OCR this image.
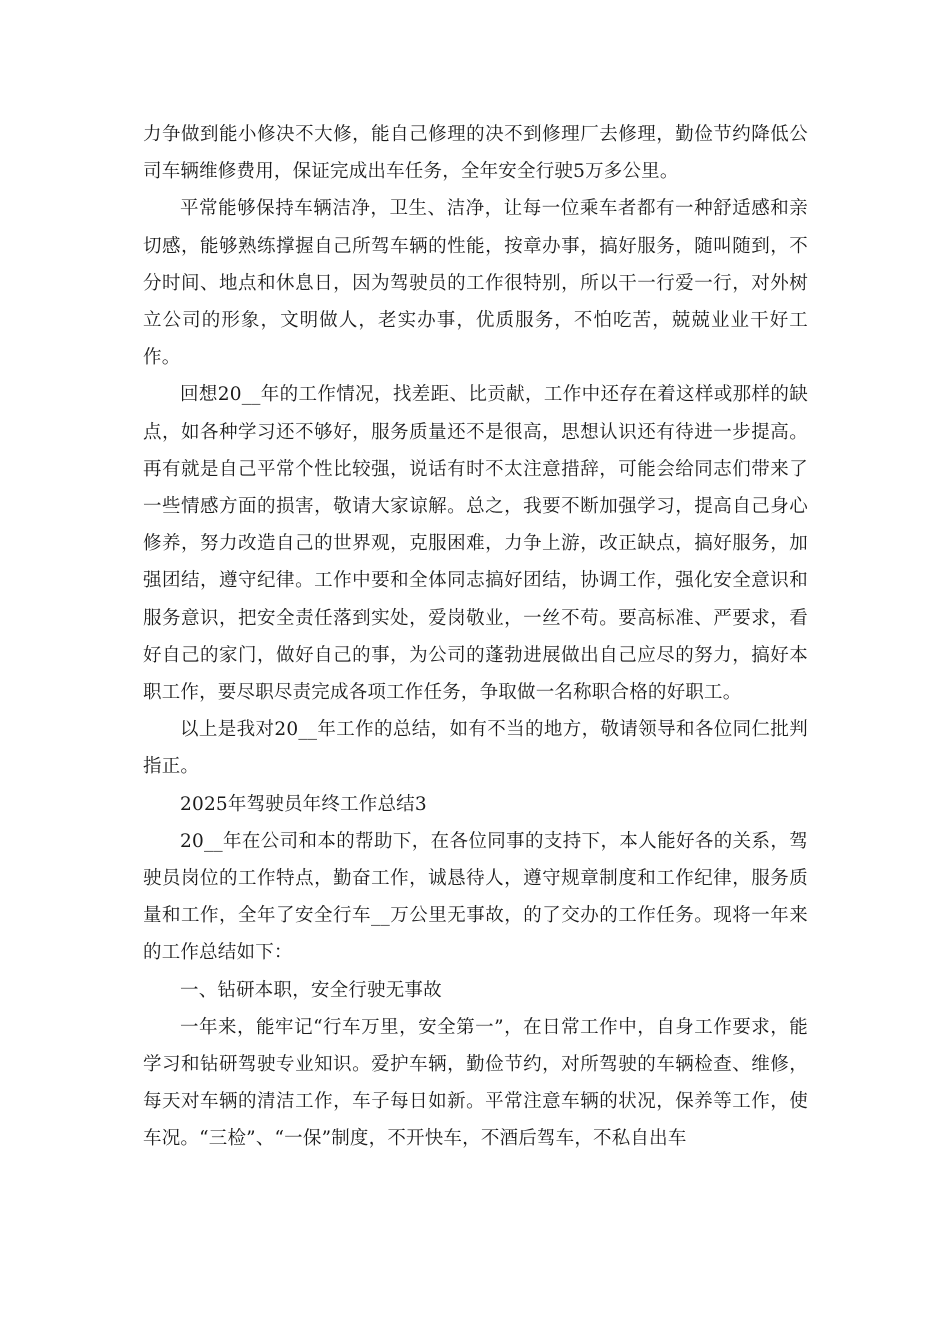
力争做到能小修决不大修，能自己修理的决不到修理厂去修理，勤俭节约降低公司车辆维修费用，保证完成出车任务，全年安全行驶5万多公里。

平常能够保持车辆洁净，卫生、洁净，让每一位乘车者都有一种舒适感和亲切感，能够熟练撑握自己所驾车辆的性能，按章办事，搞好服务，随叫随到，不分时间、地点和休息日，因为驾驶员的工作很特别，所以干一行爱一行，对外树立公司的形象，文明做人，老实办事，优质服务，不怕吃苦，兢兢业业干好工作。

回想20__年的工作情况，找差距、比贡献，工作中还存在着这样或那样的缺点，如各种学习还不够好，服务质量还不是很高，思想认识还有待进一步提高。再有就是自己平常个性比较强，说话有时不太注意措辞，可能会给同志们带来了一些情感方面的损害，敬请大家谅解。总之，我要不断加强学习，提高自己身心修养，努力改造自己的世界观，克服困难，力争上游，改正缺点，搞好服务，加强团结，遵守纪律。工作中要和全体同志搞好团结，协调工作，强化安全意识和服务意识，把安全责任落到实处，爱岗敬业，一丝不苟。要高标准、严要求，看好自己的家门，做好自己的事，为公司的蓬勃进展做出自己应尽的努力，搞好本职工作，要尽职尽责完成各项工作任务，争取做一名称职合格的好职工。

以上是我对20__年工作的总结，如有不当的地方，敬请领导和各位同仁批判指正。

2025年驾驶员年终工作总结3

20__年在公司和本的帮助下，在各位同事的支持下，本人能好各的关系，驾驶员岗位的工作特点，勤奋工作，诚恳待人，遵守规章制度和工作纪律，服务质量和工作，全年了安全行车__万公里无事故，的了交办的工作任务。现将一年来的工作总结如下：

一、钻研本职，安全行驶无事故

一年来，能牢记“行车万里，安全第一”，在日常工作中，自身工作要求，能学习和钻研驾驶专业知识。爱护车辆，勤俭节约，对所驾驶的车辆检查、维修，每天对车辆的清洁工作，车子每日如新。平常注意车辆的状况，保养等工作，使车况。“三检”、“一保”制度，不开快车，不酒后驾车，不私自出车
